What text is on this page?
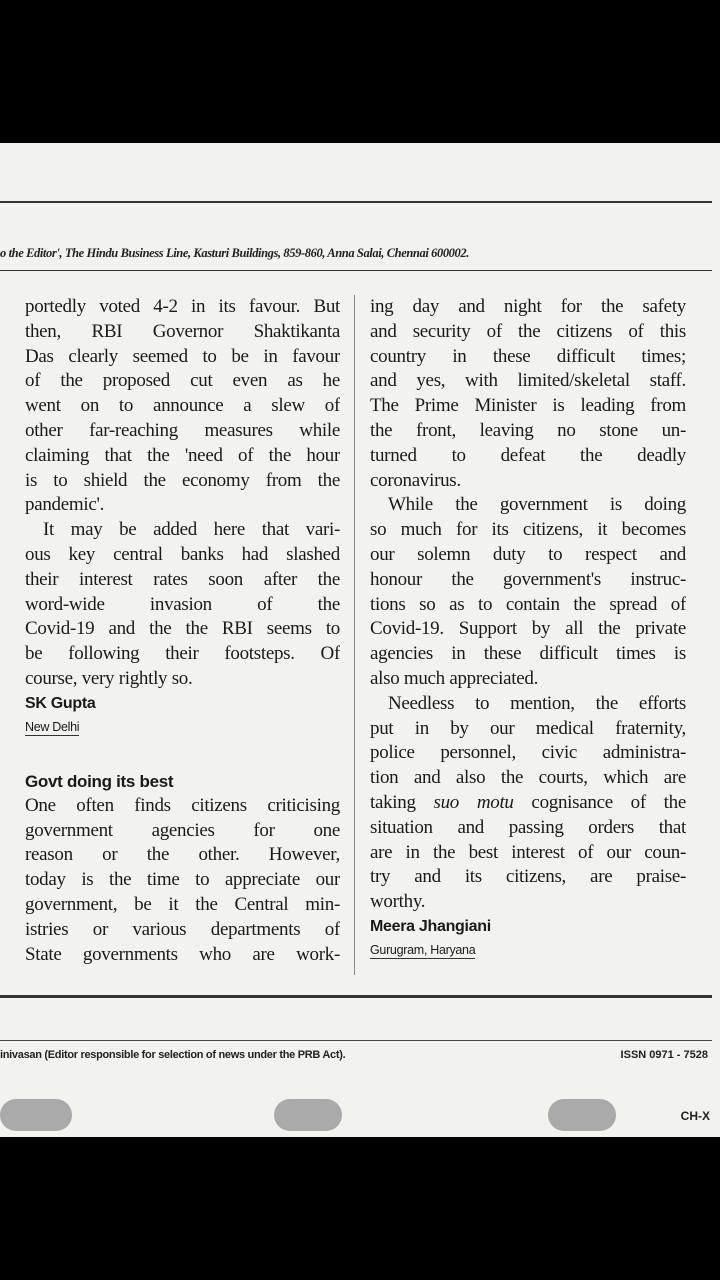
o the Editor', The Hindu Business Line, Kasturi Buildings, 859-860, Anna Salai, Chennai 600002.
portedly voted 4-2 in its favour. But
then, RBI Governor Shaktikanta
Das clearly seemed to be in favour
of the proposed cut even as he
went on to announce a slew of
other far-reaching measures while
claiming that the 'need of the hour
is to shield the economy from the
pandemic'.
It may be added here that vari-
ous key central banks had slashed
their interest rates soon after the
word-wide invasion of the
Covid-19 and the the RBI seems to
be following their footsteps. Of
course, very rightly so.
SK Gupta
New Delhi
Govt doing its best
One often finds citizens criticising
government agencies for one
reason or the other. However,
today is the time to appreciate our
government, be it the Central min-
istries or various departments of
State governments who are work-
ing day and night for the safety
and security of the citizens of this
country in these difficult times;
and yes, with limited/skeletal staff.
The Prime Minister is leading from
the front, leaving no stone un-
turned to defeat the deadly
coronavirus.
While the government is doing
so much for its citizens, it becomes
our solemn duty to respect and
honour the government's instruc-
tions so as to contain the spread of
Covid-19. Support by all the private
agencies in these difficult times is
also much appreciated.
Needless to mention, the efforts
put in by our medical fraternity,
police personnel, civic administra-
tion and also the courts, which are
taking suo motu cognisance of the
situation and passing orders that
are in the best interest of our coun-
try and its citizens, are praise-
worthy.
Meera Jhangiani
Gurugram, Haryana
inivasan (Editor responsible for selection of news under the PRB Act).	ISSN 0971 - 7528
CH-X
